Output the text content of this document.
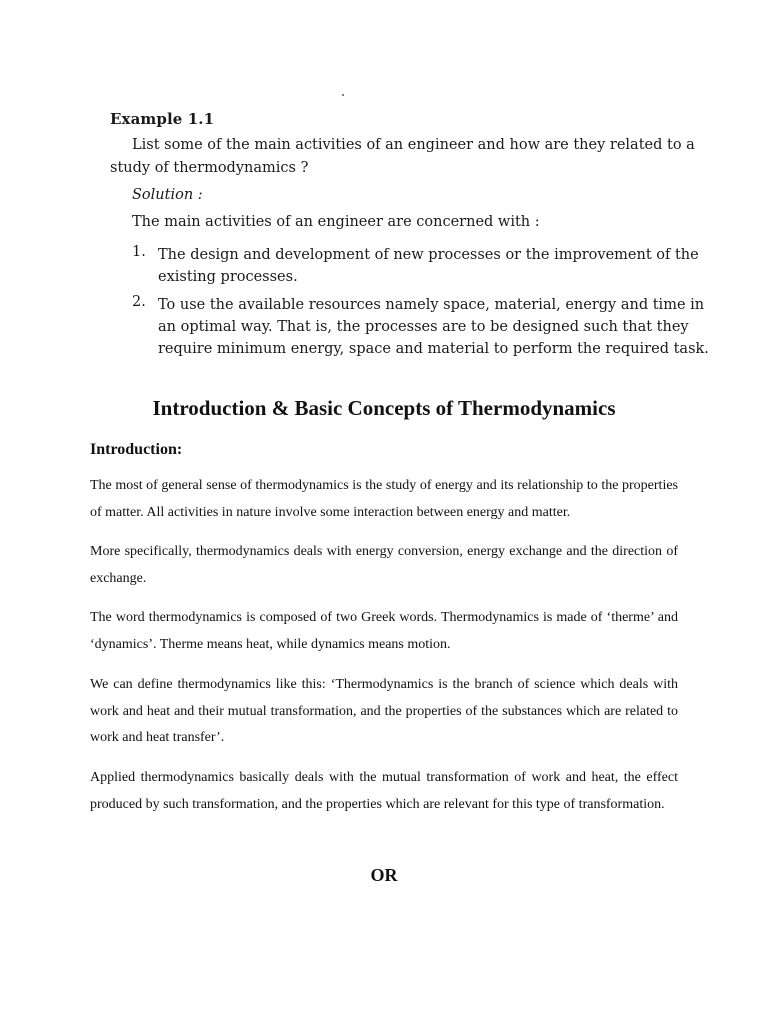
Example 1.1
List some of the main activities of an engineer and how are they related to a
study of thermodynamics ?
Solution :
The main activities of an engineer are concerned with :
1. The design and development of new processes or the improvement of the
existing processes.
2. To use the available resources namely space, material, energy and time in
an optimal way. That is, the processes are to be designed such that they
require minimum energy, space and material to perform the required task.
Introduction & Basic Concepts of Thermodynamics
Introduction:

The most of general sense of thermodynamics is the study of energy and its relationship to the properties of matter. All activities in nature involve some interaction between energy and matter.

More specifically, thermodynamics deals with energy conversion, energy exchange and the direction of exchange.

The word thermodynamics is composed of two Greek words. Thermodynamics is made of ‘therme’ and ‘dynamics’. Therme means heat, while dynamics means motion.

We can define thermodynamics like this: ‘Thermodynamics is the branch of science which deals with work and heat and their mutual transformation, and the properties of the substances which are related to work and heat transfer’.

Applied thermodynamics basically deals with the mutual transformation of work and heat, the effect produced by such transformation, and the properties which are relevant for this type of transformation.

OR
